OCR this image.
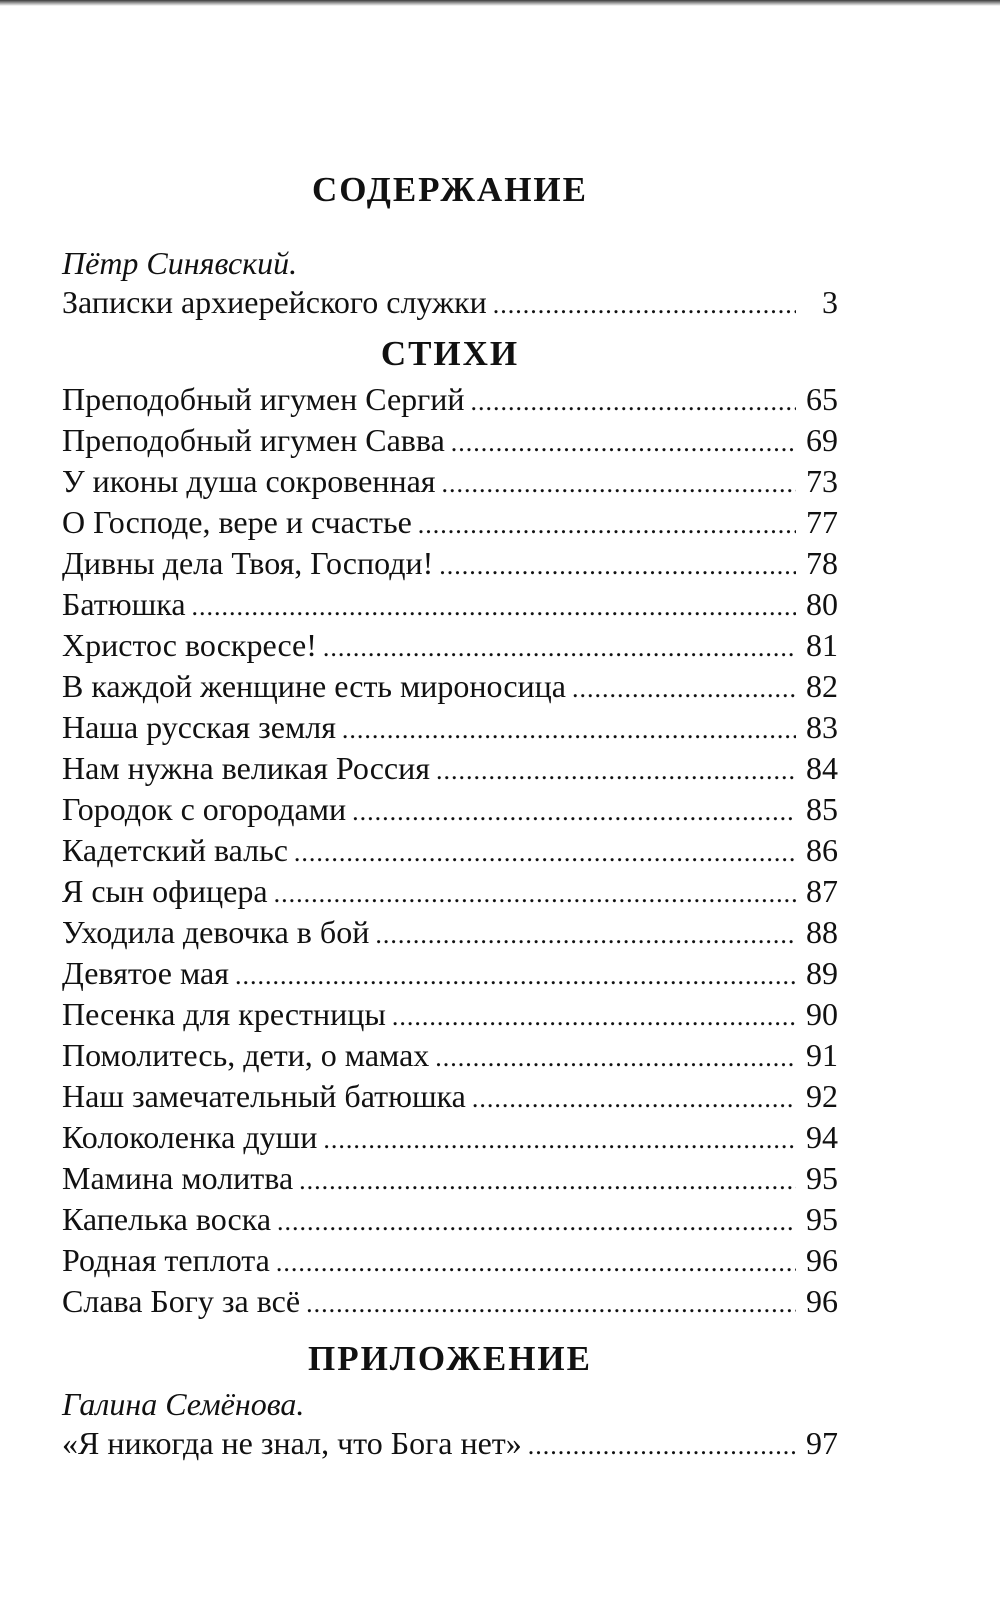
СОДЕРЖАНИЕ

Пётр Синявский.

Записки архиерейского служки .....	3
СТИХИ
Преподобный игумен Сергий .....	65
Преподобный игумен Савва .....	69
У иконы душа сокровенная .....	73
О Господе, вере и счастье .....	77
Дивны дела Твоя, Господи! .....	78
Батюшка .....	80
Христос воскресе! .....	81
В каждой женщине есть мироносица .....	82
Наша русская земля .....	83
Нам нужна великая Россия .....	84
Городок с огородами .....	85
Кадетский вальс .....	86
Я сын офицера .....	87
Уходила девочка в бой .....	88
Девятое мая .....	89
Песенка для крестницы .....	90
Помолитесь, дети, о мамах .....	91
Наш замечательный батюшка .....	92
Колоколенка души .....	94
Мамина молитва .....	95
Капелька воска .....	95
Родная теплота .....	96
Слава Богу за всё .....	96
ПРИЛОЖЕНИЕ

Галина Семёнова.

«Я никогда не знал, что Бога нет» .....	97
